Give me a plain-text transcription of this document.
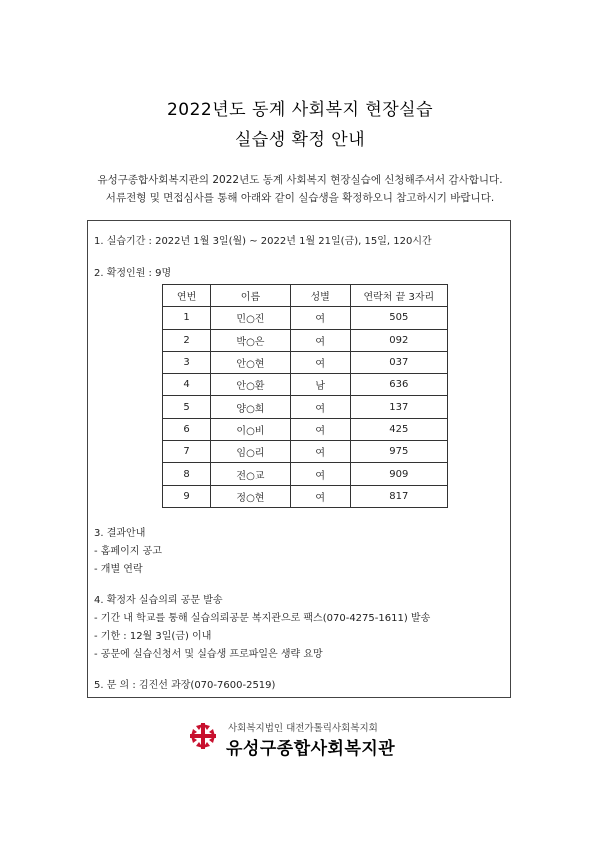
2022년도 동계 사회복지 현장실습
실습생 확정 안내
유성구종합사회복지관의 2022년도 동계 사회복지 현장실습에 신청해주셔서 감사합니다.
서류전형 및 면접심사를 통해 아래와 같이 실습생을 확정하오니 참고하시기 바랍니다.
1. 실습기간 : 2022년 1월 3일(월) ~ 2022년 1월 21일(금), 15일, 120시간
2. 확정인원 : 9명
연번	이름	성별	연락처 끝 3자리
1	민○진	여	505
2	박○은	여	092
3	안○현	여	037
4	안○환	남	636
5	양○희	여	137
6	이○비	여	425
7	임○리	여	975
8	전○교	여	909
9	정○현	여	817
3. 결과안내
- 홈페이지 공고
- 개별 연락
4. 확정자 실습의뢰 공문 발송
- 기간 내 학교를 통해 실습의뢰공문 복지관으로 팩스(070-4275-1611) 발송
- 기한 : 12월 3일(금) 이내
- 공문에 실습신청서 및 실습생 프로파일은 생략 요망
5. 문 의 : 김진선 과장(070-7600-2519)
사회복지법인 대전가톨릭사회복지회
유성구종합사회복지관
